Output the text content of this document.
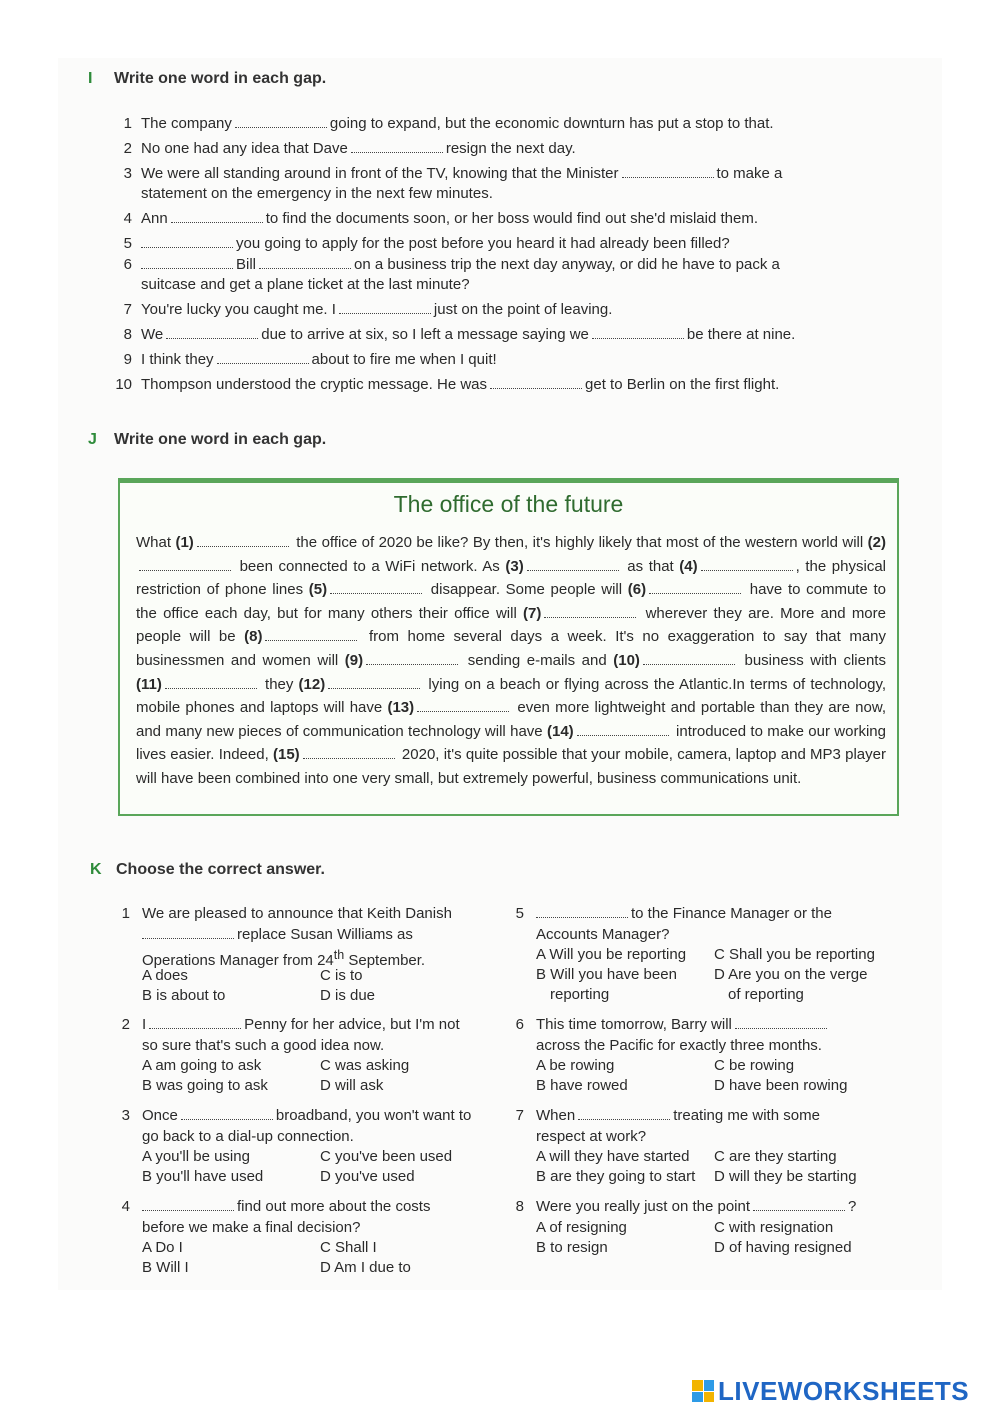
I Write one word in each gap.
1 The company	going to expand, but the economic downturn has put a stop to that.
2 No one had any idea that Dave	resign the next day.
3 We were all standing around in front of the TV, knowing that the Minister	to make a
statement on the emergency in the next few minutes.
4 Ann	to find the documents soon, or her boss would find out she'd mislaid them.
5	you going to apply for the post before you heard it had already been filled?
6	Bill	on a business trip the next day anyway, or did he have to pack a
suitcase and get a plane ticket at the last minute?
7 You're lucky you caught me. I	just on the point of leaving.
8 We	due to arrive at six, so I left a message saying we	be there at nine.
9 I think they	about to fire me when I quit!
10 Thompson understood the cryptic message. He was	get to Berlin on the first flight.
J Write one word in each gap.
The office of the future
What (1)	the office of 2020 be like? By then, it's highly likely that most of the western world will (2) been connected to a WiFi network. As (3)	as that (4)	, the physical restriction of phone lines (5)	disappear. Some people will (6)	have to commute to the office each day, but for many others their office will (7)	wherever they are. More and more people will be (8)	from home several days a week. It's no exaggeration to say that many businessmen and women will (9)	sending e-mails and (10)	business with clients (11)	they (12)	lying on a beach or flying across the Atlantic.In terms of technology, mobile phones and laptops will have (13)	even more lightweight and portable than they are now, and many new pieces of communication technology will have (14)	introduced to make our working lives easier. Indeed, (15)	2020, it's quite possible that your mobile, camera, laptop and MP3 player will have been combined into one very small, but extremely powerful, business communications unit.
K Choose the correct answer.
1 We are pleased to announce that Keith Danish
replace Susan Williams as
Operations Manager from 24th September.
A does	C is to
B is about to	D is due
2 I	Penny for her advice, but I'm not
so sure that's such a good idea now.
A am going to ask	C was asking
B was going to ask	D will ask
3 Once	broadband, you won't want to
go back to a dial-up connection.
A you'll be using	C you've been used
B you'll have used	D you've used
4	find out more about the costs
before we make a final decision?
A Do I	C Shall I
B Will I	D Am I due to
5	to the Finance Manager or the
Accounts Manager?
A Will you be reporting C Shall you be reporting
B Will you have been D Are you on the verge
reporting	of reporting
6 This time tomorrow, Barry will
across the Pacific for exactly three months.
A be rowing	C be rowing
B have rowed	D have been rowing
7 When	treating me with some
respect at work?
A will they have started C are they starting
B are they going to start D will they be starting
8 Were you really just on the point	?
A of resigning	C with resignation
B to resign	D of having resigned
LIVEWORKSHEETS
